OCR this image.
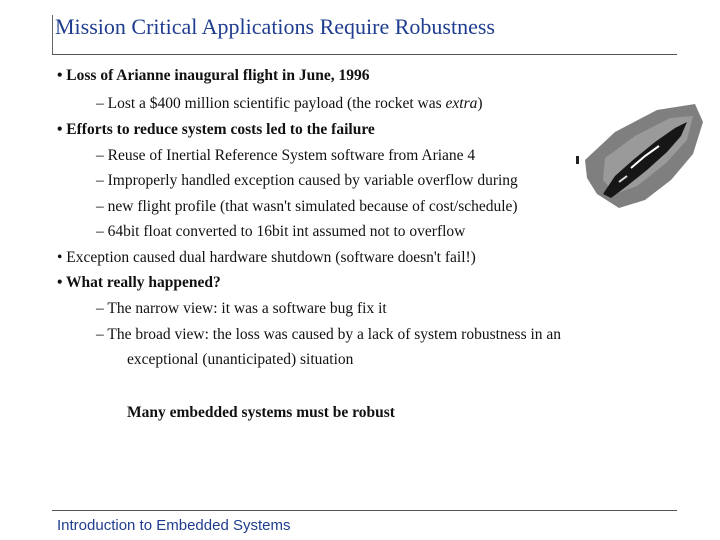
Mission Critical Applications Require Robustness
• Loss of Arianne inaugural flight in June, 1996
– Lost a $400 million scientific payload (the rocket was extra)
• Efforts to reduce system costs led to the failure
– Reuse of Inertial Reference System software from Ariane 4
– Improperly handled exception caused by variable overflow during
– new flight profile (that wasn't simulated because of cost/schedule)
– 64bit float converted to 16bit int assumed not to overflow
• Exception caused dual hardware shutdown (software doesn't fail!)
• What really happened?
– The narrow view: it was a software bug fix it
– The broad view: the loss was caused by a lack of system robustness in an
exceptional (unanticipated) situation
Many embedded systems must be robust
Introduction to Embedded Systems
